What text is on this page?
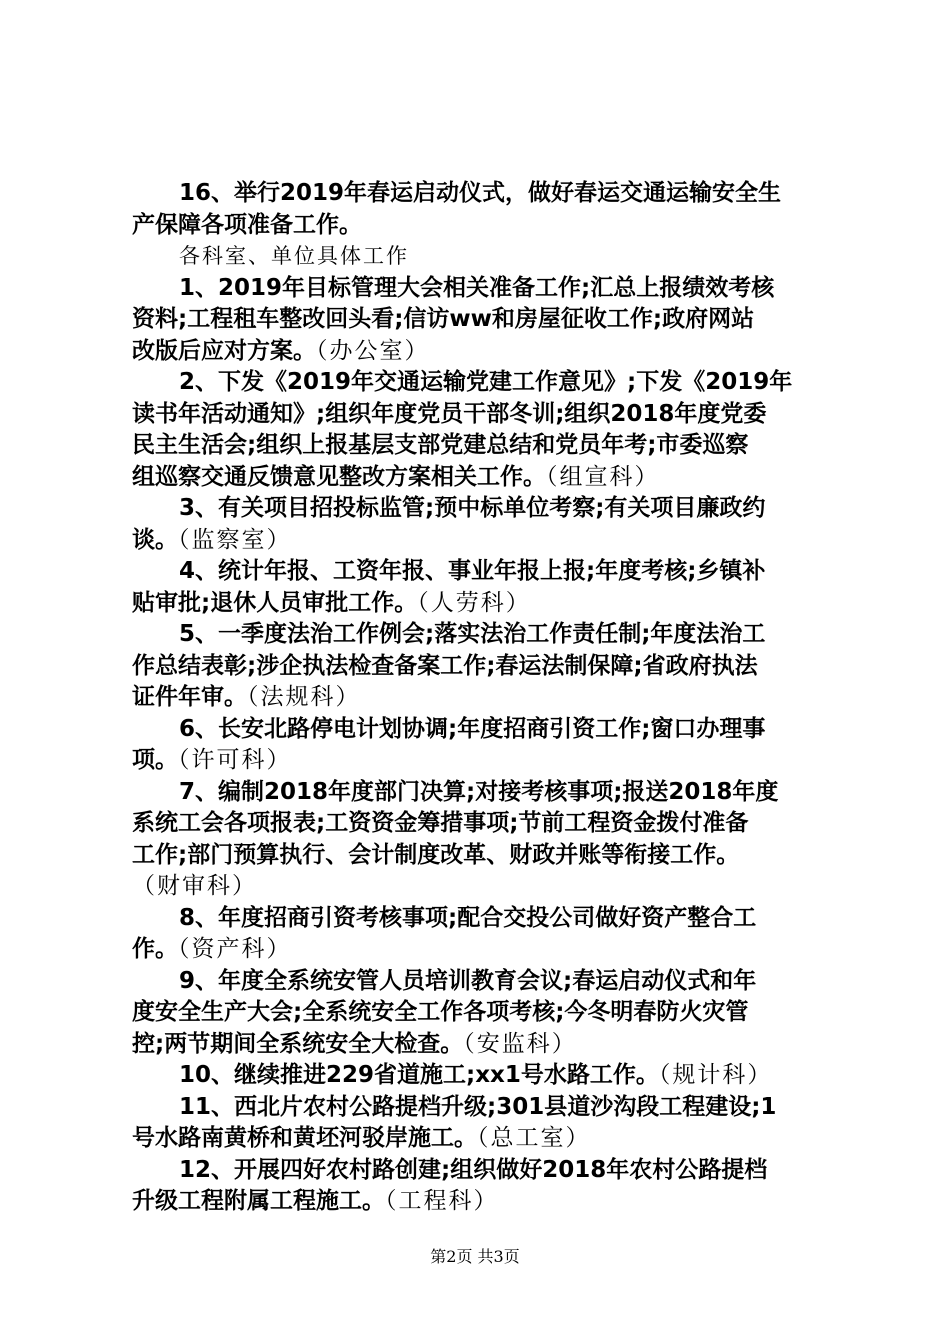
16、举行2019年春运启动仪式，做好春运交通运输安全生
产保障各项准备工作。
各科室、单位具体工作
1、2019年目标管理大会相关准备工作;汇总上报绩效考核
资料;工程租车整改回头看;信访ww和房屋征收工作;政府网站
改版后应对方案。（办公室）
2、下发《2019年交通运输党建工作意见》;下发《2019年
读书年活动通知》;组织年度党员干部冬训;组织2018年度党委
民主生活会;组织上报基层支部党建总结和党员年考;市委巡察
组巡察交通反馈意见整改方案相关工作。（组宣科）
3、有关项目招投标监管;预中标单位考察;有关项目廉政约
谈。（监察室）
4、统计年报、工资年报、事业年报上报;年度考核;乡镇补
贴审批;退休人员审批工作。（人劳科）
5、一季度法治工作例会;落实法治工作责任制;年度法治工
作总结表彰;涉企执法检查备案工作;春运法制保障;省政府执法
证件年审。（法规科）
6、长安北路停电计划协调;年度招商引资工作;窗口办理事
项。（许可科）
7、编制2018年度部门决算;对接考核事项;报送2018年度
系统工会各项报表;工资资金筹措事项;节前工程资金拨付准备
工作;部门预算执行、会计制度改革、财政并账等衔接工作。
（财审科）
8、年度招商引资考核事项;配合交投公司做好资产整合工
作。（资产科）
9、年度全系统安管人员培训教育会议;春运启动仪式和年
度安全生产大会;全系统安全工作各项考核;今冬明春防火灾管
控;两节期间全系统安全大检查。（安监科）
10、继续推进229省道施工;xx1号水路工作。（规计科）
11、西北片农村公路提档升级;301县道沙沟段工程建设;1
号水路南黄桥和黄坯河驳岸施工。（总工室）
12、开展四好农村路创建;组织做好2018年农村公路提档
升级工程附属工程施工。（工程科）
第2页 共3页
